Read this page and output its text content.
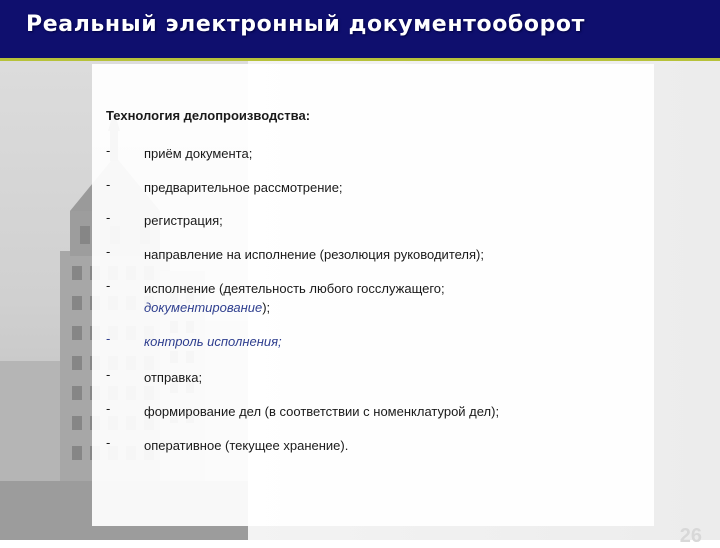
Реальный электронный документооборот
Технология делопроизводства:
-	приём документа;
-	предварительное рассмотрение;
-	регистрация;
-	направление на исполнение (резолюция руководителя);
-	исполнение (деятельность любого госслужащего;
документирование);
-	контроль исполнения;
-	отправка;
-	формирование дел (в соответствии с номенклатурой дел);
-	оперативное (текущее хранение).
26
